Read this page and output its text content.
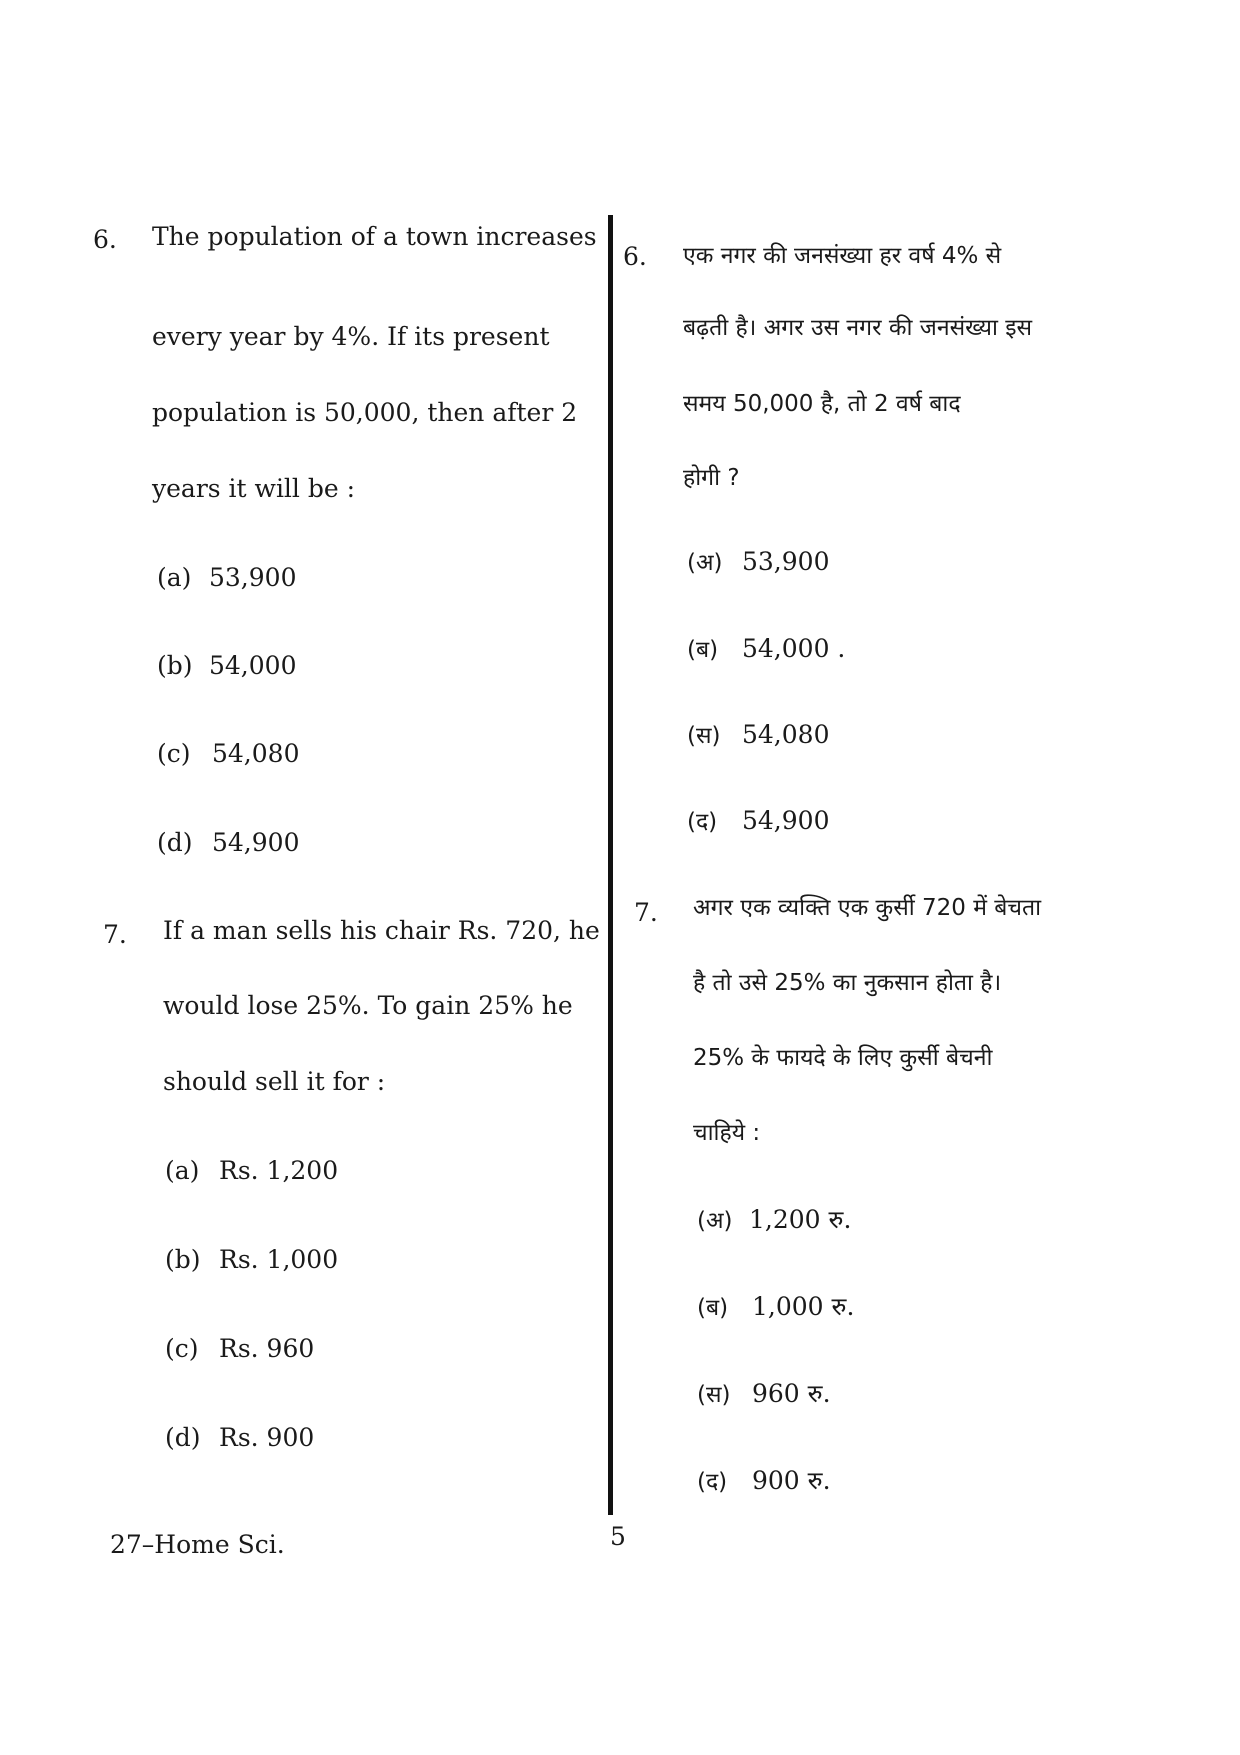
6. The population of a town increases
every year by 4%. If its present
population is 50,000, then after 2
years it will be :
(a) 53,900
(b) 54,000
(c) 54,080
(d) 54,900
7. If a man sells his chair Rs. 720, he
would lose 25%. To gain 25% he
should sell it for :
(a) Rs. 1,200
(b) Rs. 1,000
(c) Rs. 960
(d) Rs. 900
6. एक नगर की जनसंख्या हर वर्ष 4% से
बढ़ती है। अगर उस नगर की जनसंख्या इस
समय 50,000 है, तो 2 वर्ष बाद
होगी ?
(अ) 53,900
(ब) 54,000 .
(स) 54,080
(द) 54,900
7. अगर एक व्यक्ति एक कुर्सी 720 में बेचता
है तो उसे 25% का नुकसान होता है।
25% के फायदे के लिए कुर्सी बेचनी
चाहिये :
(अ) 1,200 रु.
(ब) 1,000 रु.
(स) 960 रु.
(द) 900 रु.
27–Home Sci.	5
